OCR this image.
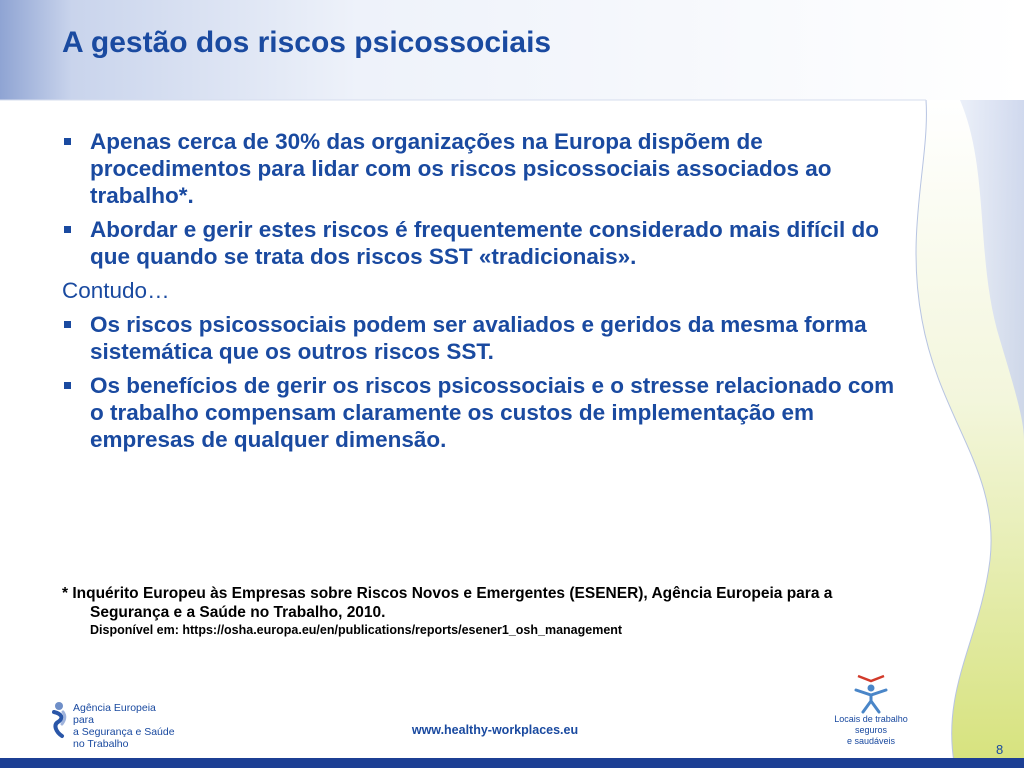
A gestão dos riscos psicossociais
Apenas cerca de 30% das organizações na Europa dispõem de procedimentos para lidar com os riscos psicossociais associados ao trabalho*.
Abordar e gerir estes riscos é frequentemente considerado mais difícil do que quando se trata dos riscos SST «tradicionais».
Contudo…
Os riscos psicossociais podem ser avaliados e geridos da mesma forma sistemática que os outros riscos SST.
Os benefícios de gerir os riscos psicossociais e o stresse relacionado com o trabalho compensam claramente os custos de implementação em empresas de qualquer dimensão.

* Inquérito Europeu às Empresas sobre Riscos Novos e Emergentes (ESENER), Agência Europeia para a Segurança e a Saúde no Trabalho, 2010.

Disponível em: https://osha.europa.eu/en/publications/reports/esener1_osh_management

Agência Europeia para
a Segurança e Saúde
no Trabalho
www.healthy-workplaces.eu
Locais de trabalho seguros
e saudáveis
8
